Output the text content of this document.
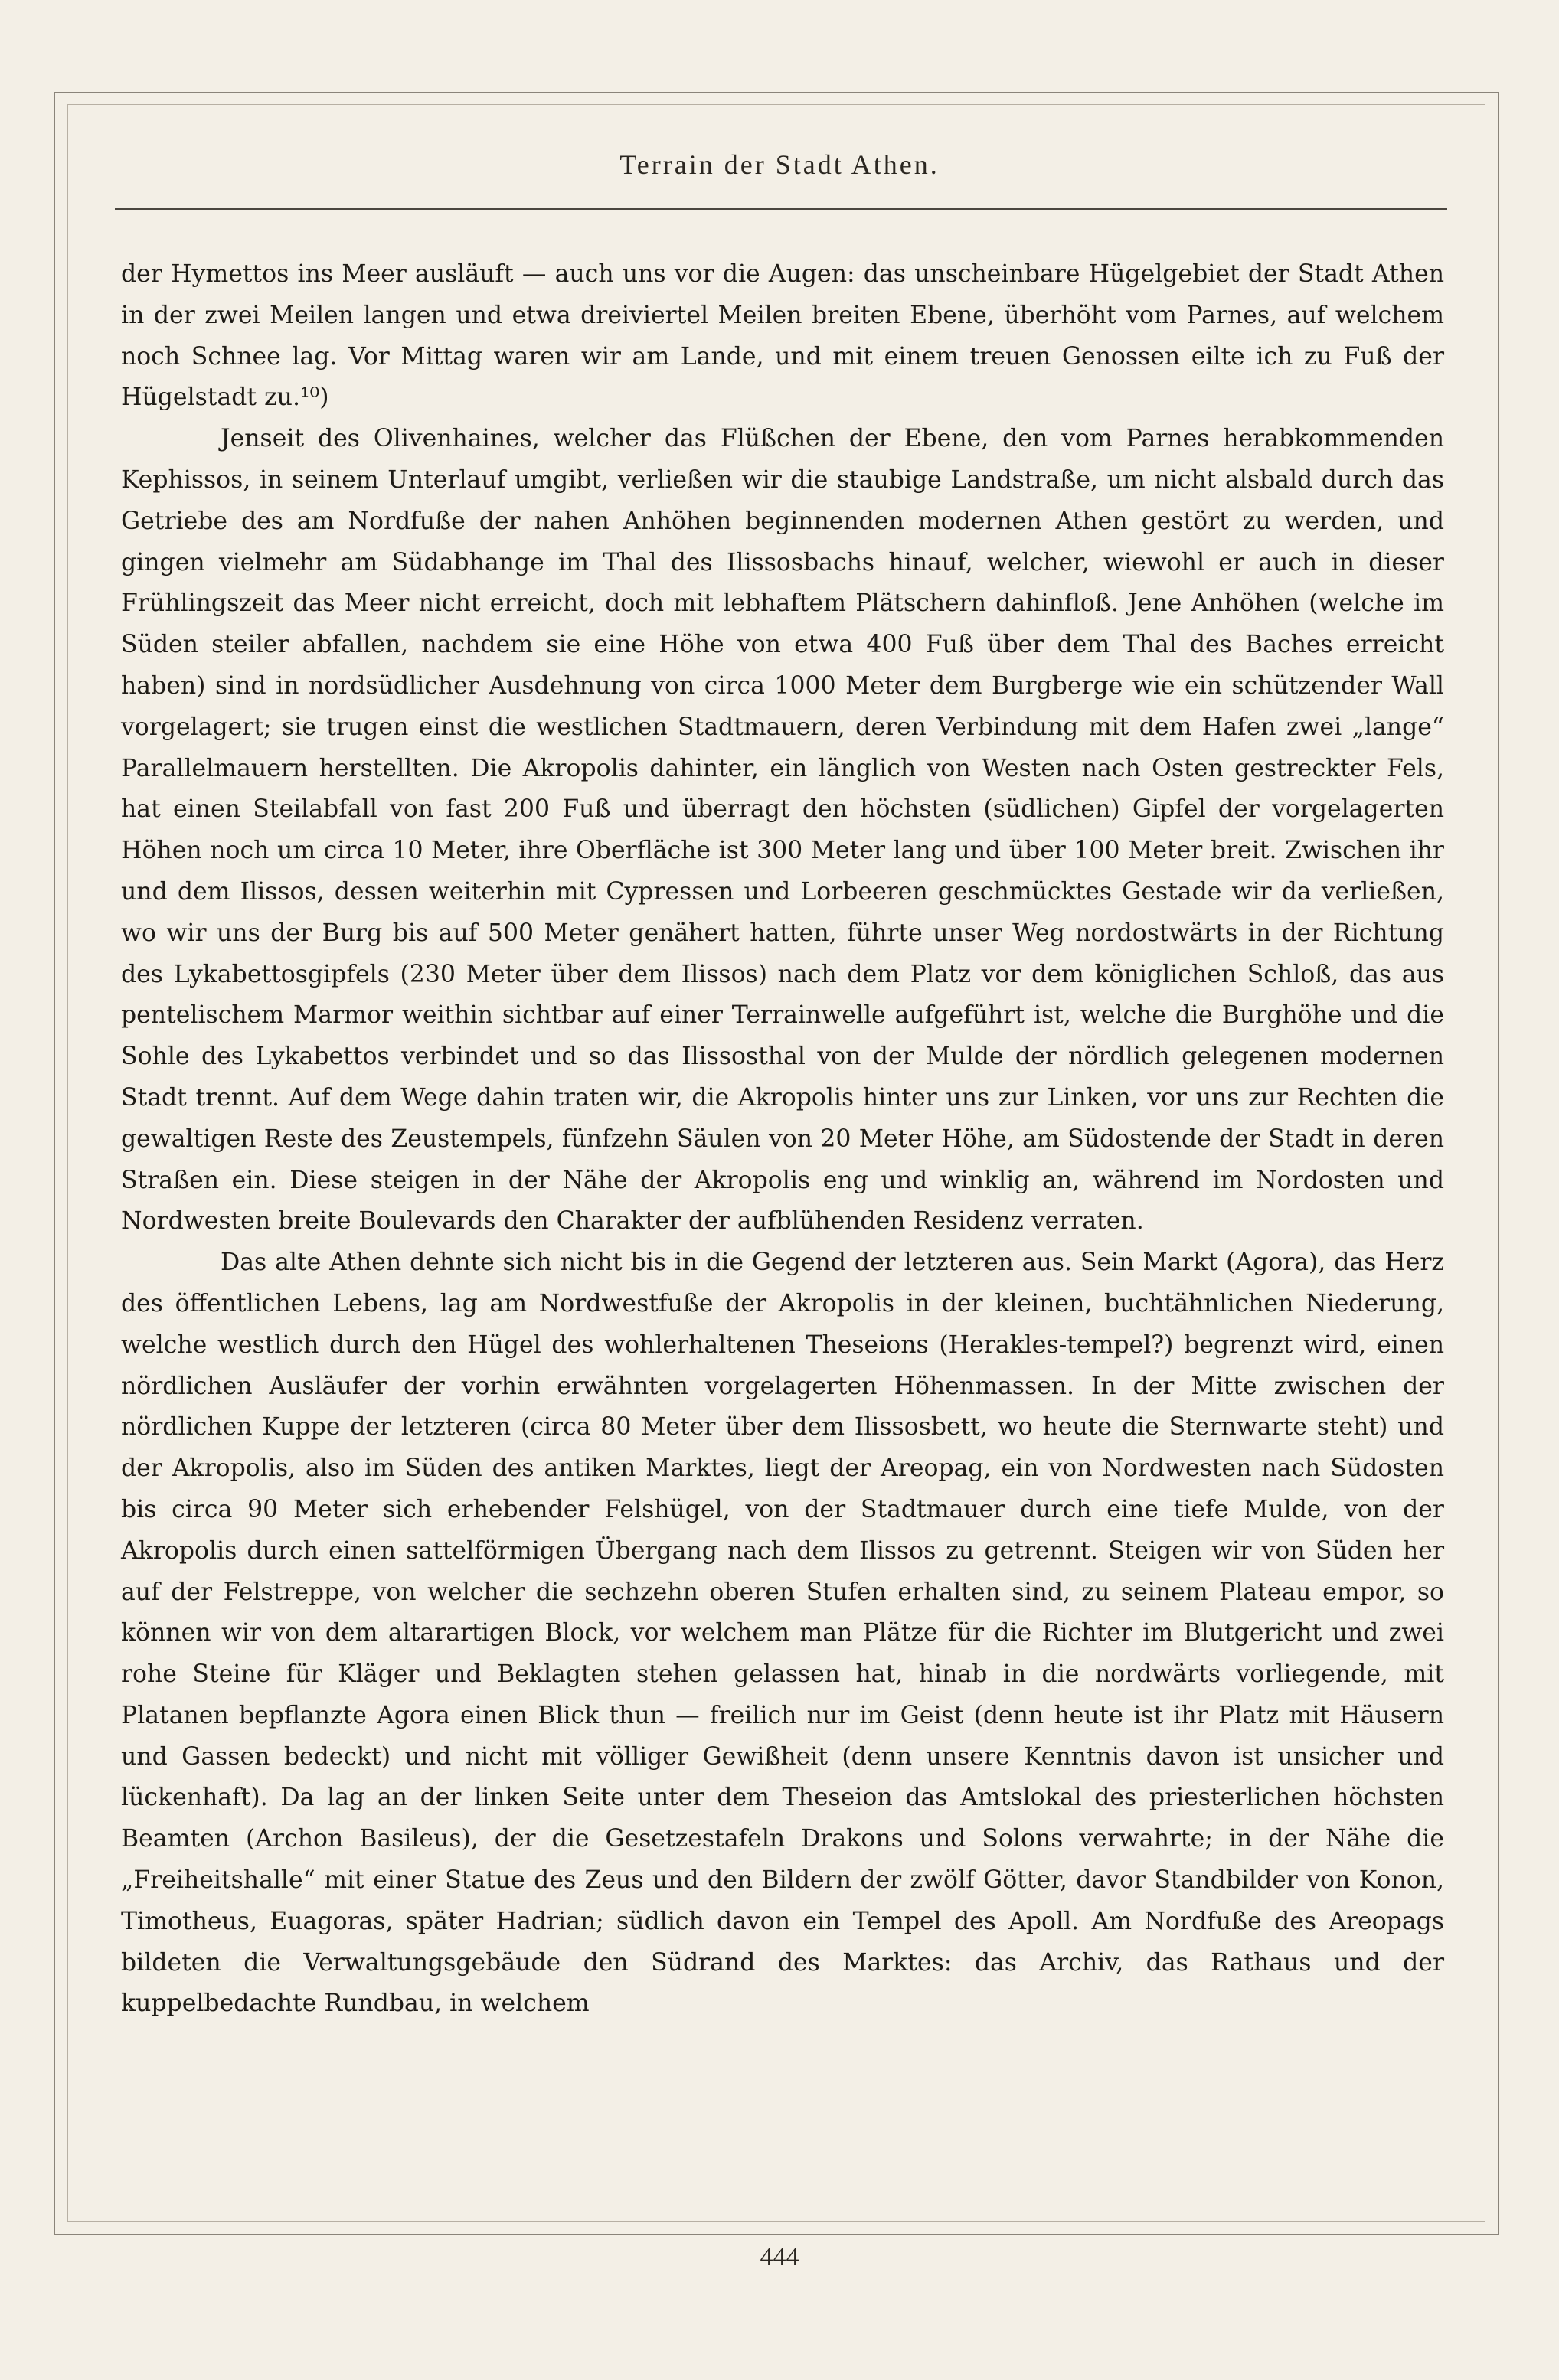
Terrain der Stadt Athen.

der Hymettos ins Meer ausläuft — auch uns vor die Augen: das unscheinbare Hügelgebiet der Stadt Athen in der zwei Meilen langen und etwa dreiviertel Meilen breiten Ebene, überhöht vom Parnes, auf welchem noch Schnee lag. Vor Mittag waren wir am Lande, und mit einem treuen Genossen eilte ich zu Fuß der Hügelstadt zu.¹⁰)

Jenseit des Olivenhaines, welcher das Flüßchen der Ebene, den vom Parnes herabkommenden Kephissos, in seinem Unterlauf umgibt, verließen wir die staubige Landstraße, um nicht alsbald durch das Getriebe des am Nordfuße der nahen Anhöhen beginnenden modernen Athen gestört zu werden, und gingen vielmehr am Südabhange im Thal des Ilissosbachs hinauf, welcher, wiewohl er auch in dieser Frühlingszeit das Meer nicht erreicht, doch mit lebhaftem Plätschern dahinfloß. Jene Anhöhen (welche im Süden steiler abfallen, nachdem sie eine Höhe von etwa 400 Fuß über dem Thal des Baches erreicht haben) sind in nordsüdlicher Ausdehnung von circa 1000 Meter dem Burgberge wie ein schützender Wall vorgelagert; sie trugen einst die westlichen Stadtmauern, deren Verbindung mit dem Hafen zwei „lange“ Parallelmauern herstellten. Die Akropolis dahinter, ein länglich von Westen nach Osten gestreckter Fels, hat einen Steilabfall von fast 200 Fuß und überragt den höchsten (südlichen) Gipfel der vorgelagerten Höhen noch um circa 10 Meter, ihre Oberfläche ist 300 Meter lang und über 100 Meter breit. Zwischen ihr und dem Ilissos, dessen weiterhin mit Cypressen und Lorbeeren geschmücktes Gestade wir da verließen, wo wir uns der Burg bis auf 500 Meter genähert hatten, führte unser Weg nordostwärts in der Richtung des Lykabettosgipfels (230 Meter über dem Ilissos) nach dem Platz vor dem königlichen Schloß, das aus pentelischem Marmor weithin sichtbar auf einer Terrainwelle aufgeführt ist, welche die Burghöhe und die Sohle des Lykabettos verbindet und so das Ilissosthal von der Mulde der nördlich gelegenen modernen Stadt trennt. Auf dem Wege dahin traten wir, die Akropolis hinter uns zur Linken, vor uns zur Rechten die gewaltigen Reste des Zeustempels, fünfzehn Säulen von 20 Meter Höhe, am Südostende der Stadt in deren Straßen ein. Diese steigen in der Nähe der Akropolis eng und winklig an, während im Nordosten und Nordwesten breite Boulevards den Charakter der aufblühenden Residenz verraten.

Das alte Athen dehnte sich nicht bis in die Gegend der letzteren aus. Sein Markt (Agora), das Herz des öffentlichen Lebens, lag am Nordwestfuße der Akropolis in der kleinen, buchtähnlichen Niederung, welche westlich durch den Hügel des wohlerhaltenen Theseions (Herakles-tempel?) begrenzt wird, einen nördlichen Ausläufer der vorhin erwähnten vorgelagerten Höhenmassen. In der Mitte zwischen der nördlichen Kuppe der letzteren (circa 80 Meter über dem Ilissosbett, wo heute die Sternwarte steht) und der Akropolis, also im Süden des antiken Marktes, liegt der Areopag, ein von Nordwesten nach Südosten bis circa 90 Meter sich erhebender Felshügel, von der Stadtmauer durch eine tiefe Mulde, von der Akropolis durch einen sattelförmigen Übergang nach dem Ilissos zu getrennt. Steigen wir von Süden her auf der Felstreppe, von welcher die sechzehn oberen Stufen erhalten sind, zu seinem Plateau empor, so können wir von dem altarartigen Block, vor welchem man Plätze für die Richter im Blutgericht und zwei rohe Steine für Kläger und Beklagten stehen gelassen hat, hinab in die nordwärts vorliegende, mit Platanen bepflanzte Agora einen Blick thun — freilich nur im Geist (denn heute ist ihr Platz mit Häusern und Gassen bedeckt) und nicht mit völliger Gewißheit (denn unsere Kenntnis davon ist unsicher und lückenhaft). Da lag an der linken Seite unter dem Theseion das Amtslokal des priesterlichen höchsten Beamten (Archon Basileus), der die Gesetzestafeln Drakons und Solons verwahrte; in der Nähe die „Freiheitshalle“ mit einer Statue des Zeus und den Bildern der zwölf Götter, davor Standbilder von Konon, Timotheus, Euagoras, später Hadrian; südlich davon ein Tempel des Apoll. Am Nordfuße des Areopags bildeten die Verwaltungsgebäude den Südrand des Marktes: das Archiv, das Rathaus und der kuppelbedachte Rundbau, in welchem

444
